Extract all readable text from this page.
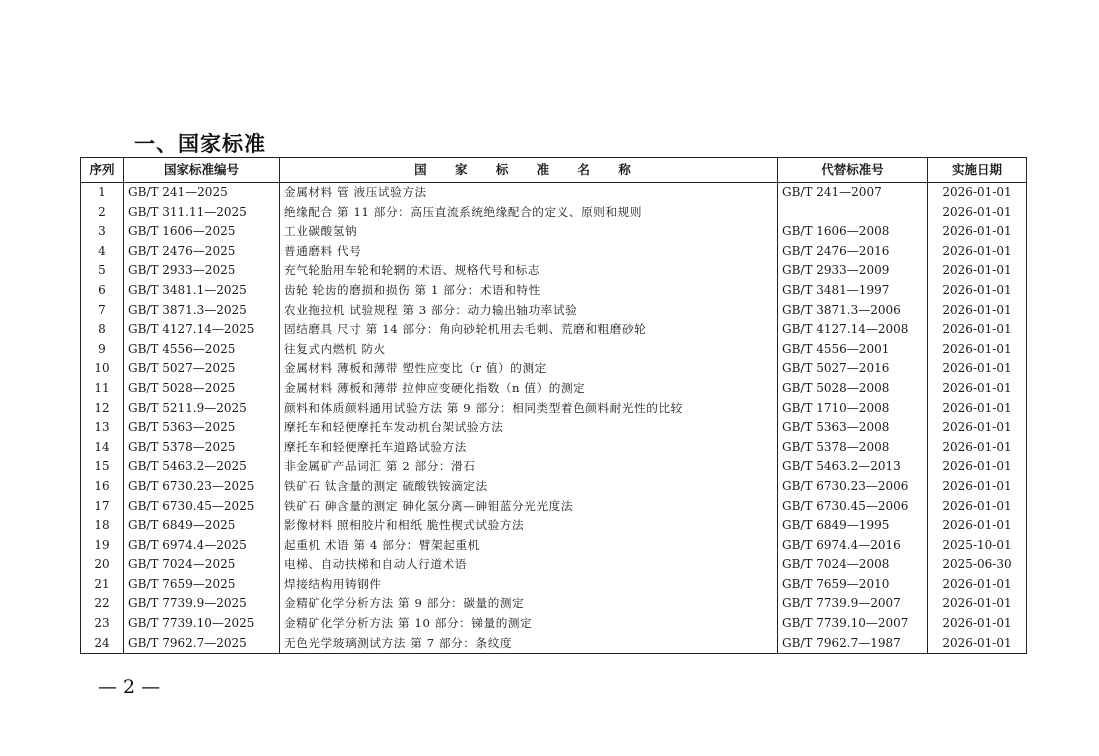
一、国家标准
序列	国家标准编号	国 家 标 准 名 称	代替标准号	实施日期
1	GB/T 241—2025	金属材料 管 液压试验方法	GB/T 241—2007	2026-01-01
2	GB/T 311.11—2025	绝缘配合 第 11 部分：高压直流系统绝缘配合的定义、原则和规则		2026-01-01
3	GB/T 1606—2025	工业碳酸氢钠	GB/T 1606—2008	2026-01-01
4	GB/T 2476—2025	普通磨料 代号	GB/T 2476—2016	2026-01-01
5	GB/T 2933—2025	充气轮胎用车轮和轮辋的术语、规格代号和标志	GB/T 2933—2009	2026-01-01
6	GB/T 3481.1—2025	齿轮 轮齿的磨损和损伤 第 1 部分：术语和特性	GB/T 3481—1997	2026-01-01
7	GB/T 3871.3—2025	农业拖拉机 试验规程 第 3 部分：动力输出轴功率试验	GB/T 3871.3—2006	2026-01-01
8	GB/T 4127.14—2025	固结磨具 尺寸 第 14 部分：角向砂轮机用去毛刺、荒磨和粗磨砂轮	GB/T 4127.14—2008	2026-01-01
9	GB/T 4556—2025	往复式内燃机 防火	GB/T 4556—2001	2026-01-01
10	GB/T 5027—2025	金属材料 薄板和薄带 塑性应变比（r 值）的测定	GB/T 5027—2016	2026-01-01
11	GB/T 5028—2025	金属材料 薄板和薄带 拉伸应变硬化指数（n 值）的测定	GB/T 5028—2008	2026-01-01
12	GB/T 5211.9—2025	颜料和体质颜料通用试验方法 第 9 部分：相同类型着色颜料耐光性的比较	GB/T 1710—2008	2026-01-01
13	GB/T 5363—2025	摩托车和轻便摩托车发动机台架试验方法	GB/T 5363—2008	2026-01-01
14	GB/T 5378—2025	摩托车和轻便摩托车道路试验方法	GB/T 5378—2008	2026-01-01
15	GB/T 5463.2—2025	非金属矿产品词汇 第 2 部分：滑石	GB/T 5463.2—2013	2026-01-01
16	GB/T 6730.23—2025	铁矿石 钛含量的测定 硫酸铁铵滴定法	GB/T 6730.23—2006	2026-01-01
17	GB/T 6730.45—2025	铁矿石 砷含量的测定 砷化氢分离—砷钼蓝分光光度法	GB/T 6730.45—2006	2026-01-01
18	GB/T 6849—2025	影像材料 照相胶片和相纸 脆性楔式试验方法	GB/T 6849—1995	2026-01-01
19	GB/T 6974.4—2025	起重机 术语 第 4 部分：臂架起重机	GB/T 6974.4—2016	2025-10-01
20	GB/T 7024—2025	电梯、自动扶梯和自动人行道术语	GB/T 7024—2008	2025-06-30
21	GB/T 7659—2025	焊接结构用铸钢件	GB/T 7659—2010	2026-01-01
22	GB/T 7739.9—2025	金精矿化学分析方法 第 9 部分：碳量的测定	GB/T 7739.9—2007	2026-01-01
23	GB/T 7739.10—2025	金精矿化学分析方法 第 10 部分：锑量的测定	GB/T 7739.10—2007	2026-01-01
24	GB/T 7962.7—2025	无色光学玻璃测试方法 第 7 部分：条纹度	GB/T 7962.7—1987	2026-01-01
— 2 —
